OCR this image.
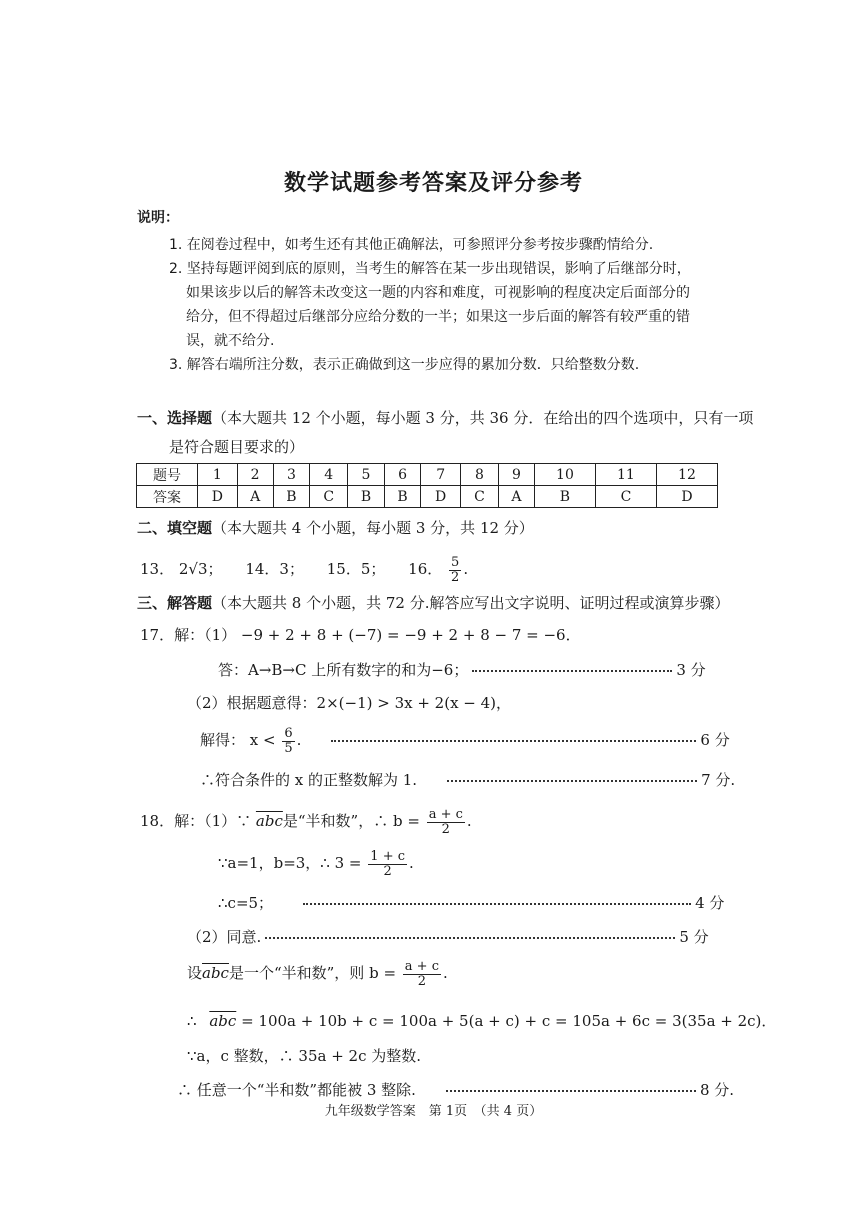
数学试题参考答案及评分参考
说明：
1. 在阅卷过程中，如考生还有其他正确解法，可参照评分参考按步骤酌情给分.
2. 坚持每题评阅到底的原则，当考生的解答在某一步出现错误，影响了后继部分时，
如果该步以后的解答未改变这一题的内容和难度，可视影响的程度决定后面部分的
给分，但不得超过后继部分应给分数的一半；如果这一步后面的解答有较严重的错
误，就不给分.
3. 解答右端所注分数，表示正确做到这一步应得的累加分数．只给整数分数.
一、选择题（本大题共 12 个小题，每小题 3 分，共 36 分．在给出的四个选项中，只有一项
是符合题目要求的）
题号	1	2	3	4	5	6	7	8	9	10	11	12
答案	D	A	B	C	B	B	D	C	A	B	C	D
二、填空题（本大题共 4 个小题，每小题 3 分，共 12 分）
13． 2√3； 14．3； 15．5； 16． $\frac{5}{2}$ .
三、解答题（本大题共 8 个小题，共 72 分.解答应写出文字说明、证明过程或演算步骤）
17．解：（1） −9 + 2 + 8 + (−7) = −9 + 2 + 8 − 7 = −6．
答：A→B→C 上所有数字的和为−6；	3 分
（2）根据题意得：2×(−1) > 3x + 2(x − 4)，
解得： $x < \frac{6}{5}$ .	6 分
∴符合条件的 x 的正整数解为 1.	7 分.
18．解：（1）∵ $\overline{abc}$是“半和数”，∴ $b = \frac{a + c}{2}$ .
∵a=1，b=3，∴ $3 = \frac{1 + c}{2}$ .
∴c=5；	4 分
（2）同意.	5 分
设$\overline{abc}$是一个“半和数”，则 $b = \frac{a + c}{2}$ .
∴ $\overline{abc} = 100a + 10b + c = 100a + 5(a + c) + c = 105a + 6c = 3(35a + 2c)$．
∵a，c 整数，∴ 35a + 2c 为整数.
∴ 任意一个“半和数”都能被 3 整除.	8 分.
九年级数学答案　第 1页　（共 4 页）
